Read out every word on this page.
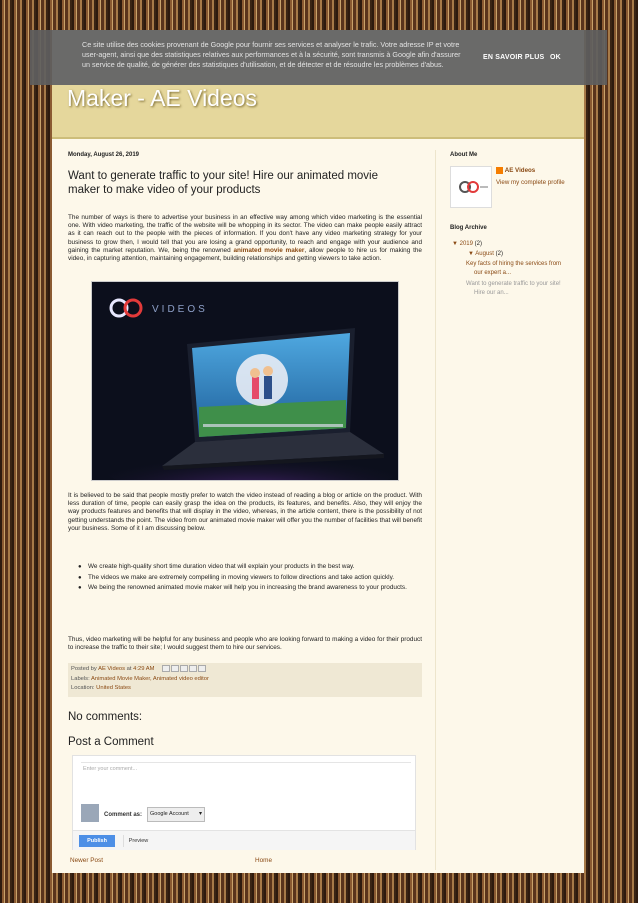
Ce site utilise des cookies provenant de Google pour fournir ses services et analyser le trafic. Votre adresse IP et votre user-agent, ainsi que des statistiques relatives aux performances et à la sécurité, sont transmis à Google afin d'assurer un service de qualité, de générer des statistiques d'utilisation, et de détecter et de résoudre les problèmes d'abus.
EN SAVOIR PLUS OK
Maker - AE Videos
Monday, August 26, 2019
Want to generate traffic to your site! Hire our animated movie maker to make video of your products
The number of ways is there to advertise your business in an effective way among which video marketing is the essential one. With video marketing, the traffic of the website will be whopping in its sector. The video can make people easily attract as it can reach out to the people with the pieces of information. If you don't have any video marketing strategy for your business to grow then, I would tell that you are losing a grand opportunity, to reach and engage with your audience and gaining the market reputation. We, being the renowned animated movie maker, allow people to hire us for making the video, in capturing attention, maintaining engagement, building relationships and getting viewers to take action.
VIDEOS
It is believed to be said that people mostly prefer to watch the video instead of reading a blog or article on the product. With less duration of time, people can easily grasp the idea on the products, its features, and benefits. Also, they will enjoy the way products features and benefits that will display in the video, whereas, in the article content, there is the possibility of not getting understands the point. The video from our animated movie maker will offer you the number of facilities that will benefit your business. Some of it I am discussing below.
● We create high-quality short time duration video that will explain your products in the best way.
● The videos we make are extremely compelling in moving viewers to follow directions and take action quickly.
● We being the renowned animated movie maker will help you in increasing the brand awareness to your products.
Thus, video marketing will be helpful for any business and people who are looking forward to making a video for their product to increase the traffic to their site; I would suggest them to hire our services.
Posted by AE Videos at 4:29 AM
Labels: Animated Movie Maker, Animated video editor
Location: United States
No comments:
Post a Comment
Enter your comment...
Comment as:	Google Account ▾
Publish	Preview
Newer Post	Home
About Me
AE Videos
View my complete profile
Blog Archive
▼ 2019 (2)
▼ August (2)
Key facts of hiring the services from our expert a...
Want to generate traffic to your site! Hire our an...
